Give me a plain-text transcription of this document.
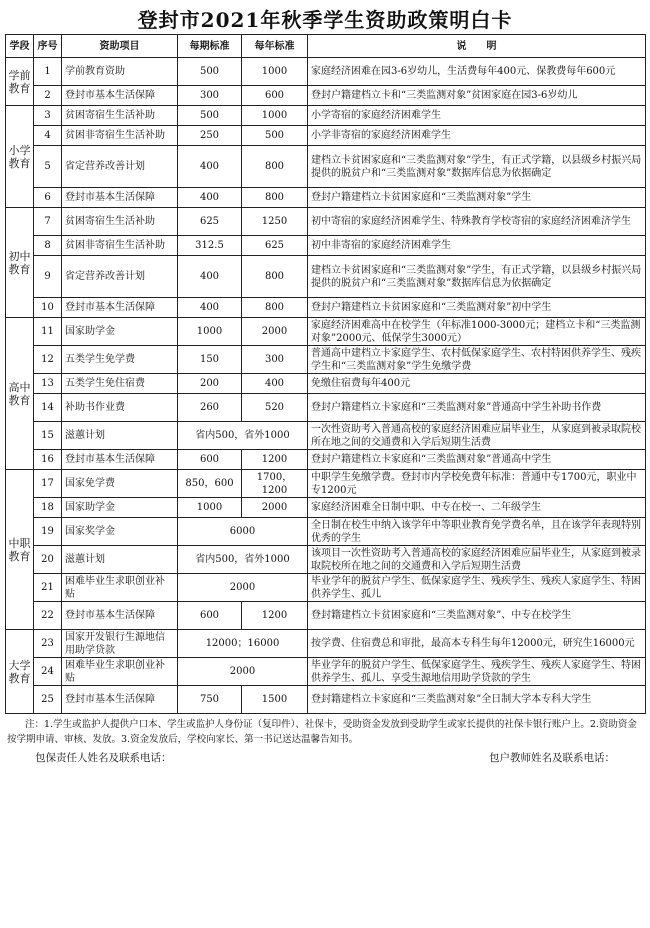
登封市2021年秋季学生资助政策明白卡
学段	序号	资助项目	每期标准	每年标准	说　　明
学前教育	1	学前教育资助	500	1000	家庭经济困难在园3-6岁幼儿，生活费每年400元、保教费每年600元
	2	登封市基本生活保障	300	600	登封户籍建档立卡和“三类监测对象”贫困家庭在园3-6岁幼儿
小学教育	3	贫困寄宿生生活补助	500	1000	小学寄宿的家庭经济困难学生
	4	贫困非寄宿生生活补助	250	500	小学非寄宿的家庭经济困难学生
	5	省定营养改善计划	400	800	建档立卡贫困家庭和“三类监测对象”学生，有正式学籍，以县级乡村振兴局提供的脱贫户和“三类监测对象”数据库信息为依据确定
	6	登封市基本生活保障	400	800	登封户籍建档立卡贫困家庭和“三类监测对象”学生
初中教育	7	贫困寄宿生生活补助	625	1250	初中寄宿的家庭经济困难学生、特殊教育学校寄宿的家庭经济困难济学生
	8	贫困非寄宿生生活补助	312.5	625	初中非寄宿的家庭经济困难学生
	9	省定营养改善计划	400	800	建档立卡贫困家庭和“三类监测对象”学生，有正式学籍，以县级乡村振兴局提供的脱贫户和“三类监测对象”数据库信息为依据确定
	10	登封市基本生活保障	400	800	登封户籍建档立卡贫困家庭和“三类监测对象”初中学生
高中教育	11	国家助学金	1000	2000	家庭经济困难高中在校学生（年标准1000-3000元；建档立卡和“三类监测对象”2000元、低保学生3000元）
	12	五类学生免学费	150	300	普通高中建档立卡家庭学生、农村低保家庭学生、农村特困供养学生、残疾学生和“三类监测对象”学生免缴学费
	13	五类学生免住宿费	200	400	免缴住宿费每年400元
	14	补助书作业费	260	520	登封户籍建档立卡家庭和“三类监测对象”普通高中学生补助书作费
	15	滋蕙计划	省内500，省外1000		一次性资助考入普通高校的家庭经济困难应届毕业生，从家庭到被录取院校所在地之间的交通费和入学后短期生活费
	16	登封市基本生活保障	600	1200	登封户籍建档立卡家庭和“三类监测对象”普通高中学生
中职教育	17	国家免学费	850，600	1700，1200	中职学生免缴学费。登封市内学校免费年标准：普通中专1700元，职业中专1200元
	18	国家助学金	1000	2000	家庭经济困难全日制中职、中专在校一、二年级学生
	19	国家奖学金	6000		全日制在校生中纳入该学年中等职业教育免学费名单，且在该学年表现特别优秀的学生
	20	滋蕙计划	省内500，省外1000		该项目一次性资助考入普通高校的家庭经济困难应届毕业生，从家庭到被录取院校所在地之间的交通费和入学后短期生活费
	21	困难毕业生求职创业补贴	2000		毕业学年的脱贫户学生、低保家庭学生、残疾学生、残疾人家庭学生、特困供养学生、孤儿
	22	登封市基本生活保障	600	1200	登封籍建档立卡贫困家庭和“三类监测对象”、中专在校学生
大学教育	23	国家开发银行生源地信用助学贷款	12000；16000		按学费、住宿费总和审批，最高本专科生每年12000元，研究生16000元
	24	困难毕业生求职创业补贴	2000		毕业学年的脱贫户学生、低保家庭学生、残疾学生、残疾人家庭学生、特困供养学生、孤儿、享受生源地信用助学贷款的学生
	25	登封市基本生活保障	750	1500	登封籍建档立卡家庭和“三类监测对象”全日制大学本专科大学生
注：1.学生或监护人提供户口本、学生或监护人身份证（复印件）、社保卡，受助资金发放到受助学生或家长提供的社保卡银行账户上。2.资助资金按学期申请、审核、发放。3.资金发放后，学校向家长、第一书记送达温馨告知书。
包保责任人姓名及联系电话：	包户教师姓名及联系电话：
